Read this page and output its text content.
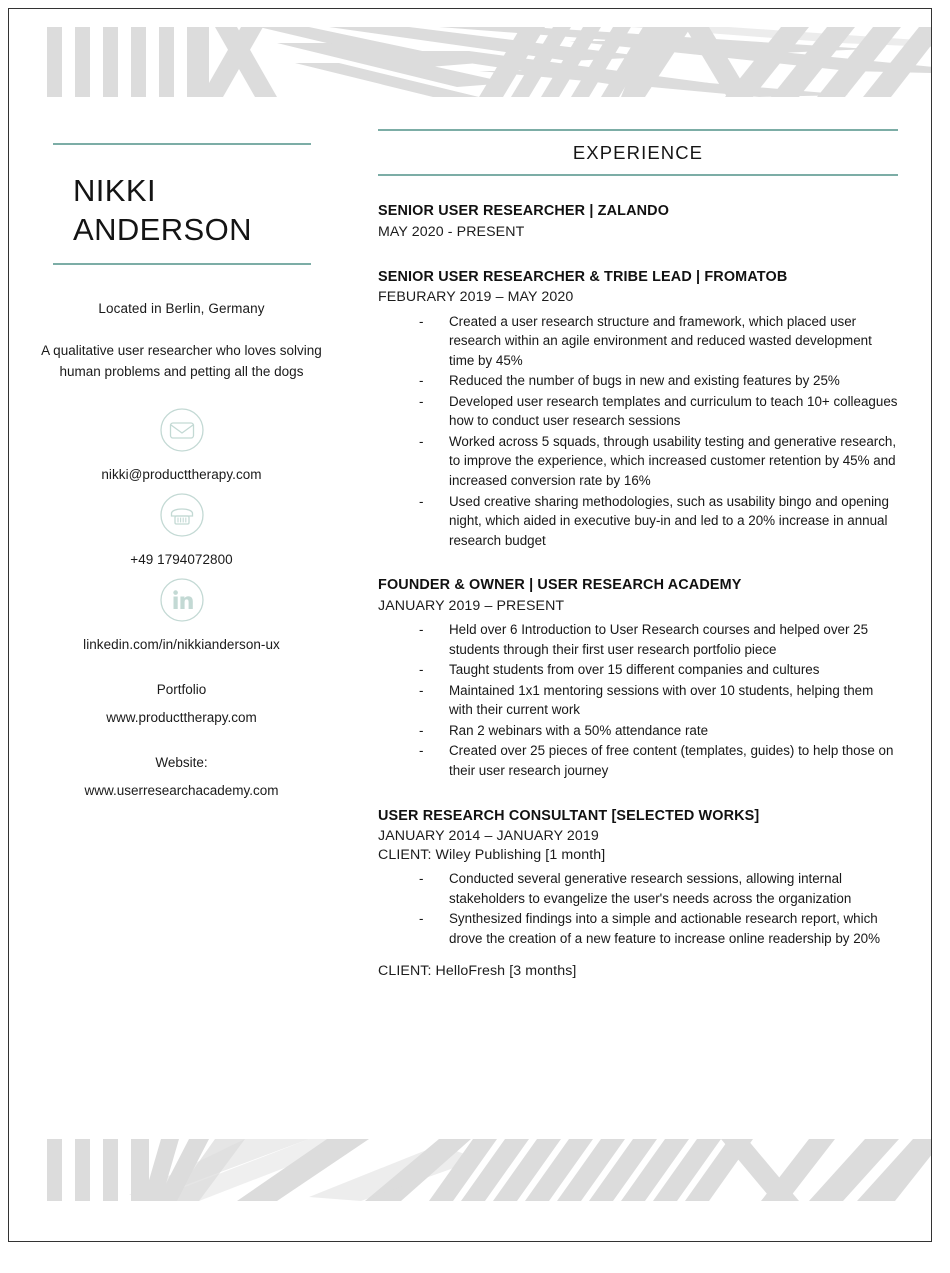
NIKKI
ANDERSON
Located in Berlin, Germany
A qualitative user researcher who loves solving human problems and petting all the dogs
nikki@producttherapy.com
+49 1794072800
linkedin.com/in/nikkianderson-ux
Portfolio
www.producttherapy.com
Website:
www.userresearchacademy.com
EXPERIENCE
SENIOR USER RESEARCHER | ZALANDO
MAY 2020 - PRESENT
SENIOR USER RESEARCHER & TRIBE LEAD | FROMATOB
FEBURARY 2019 – MAY 2020
- Created a user research structure and framework, which placed user research within an agile environment and reduced wasted development time by 45%
- Reduced the number of bugs in new and existing features by 25%
- Developed user research templates and curriculum to teach 10+ colleagues how to conduct user research sessions
- Worked across 5 squads, through usability testing and generative research, to improve the experience, which increased customer retention by 45% and increased conversion rate by 16%
- Used creative sharing methodologies, such as usability bingo and opening night, which aided in executive buy-in and led to a 20% increase in annual research budget
FOUNDER & OWNER | USER RESEARCH ACADEMY
JANUARY 2019 – PRESENT
- Held over 6 Introduction to User Research courses and helped over 25 students through their first user research portfolio piece
- Taught students from over 15 different companies and cultures
- Maintained 1x1 mentoring sessions with over 10 students, helping them with their current work
- Ran 2 webinars with a 50% attendance rate
- Created over 25 pieces of free content (templates, guides) to help those on their user research journey
USER RESEARCH CONSULTANT [SELECTED WORKS]
JANUARY 2014 – JANUARY 2019
CLIENT: Wiley Publishing [1 month]
- Conducted several generative research sessions, allowing internal stakeholders to evangelize the user's needs across the organization
- Synthesized findings into a simple and actionable research report, which drove the creation of a new feature to increase online readership by 20%
CLIENT: HelloFresh [3 months]
